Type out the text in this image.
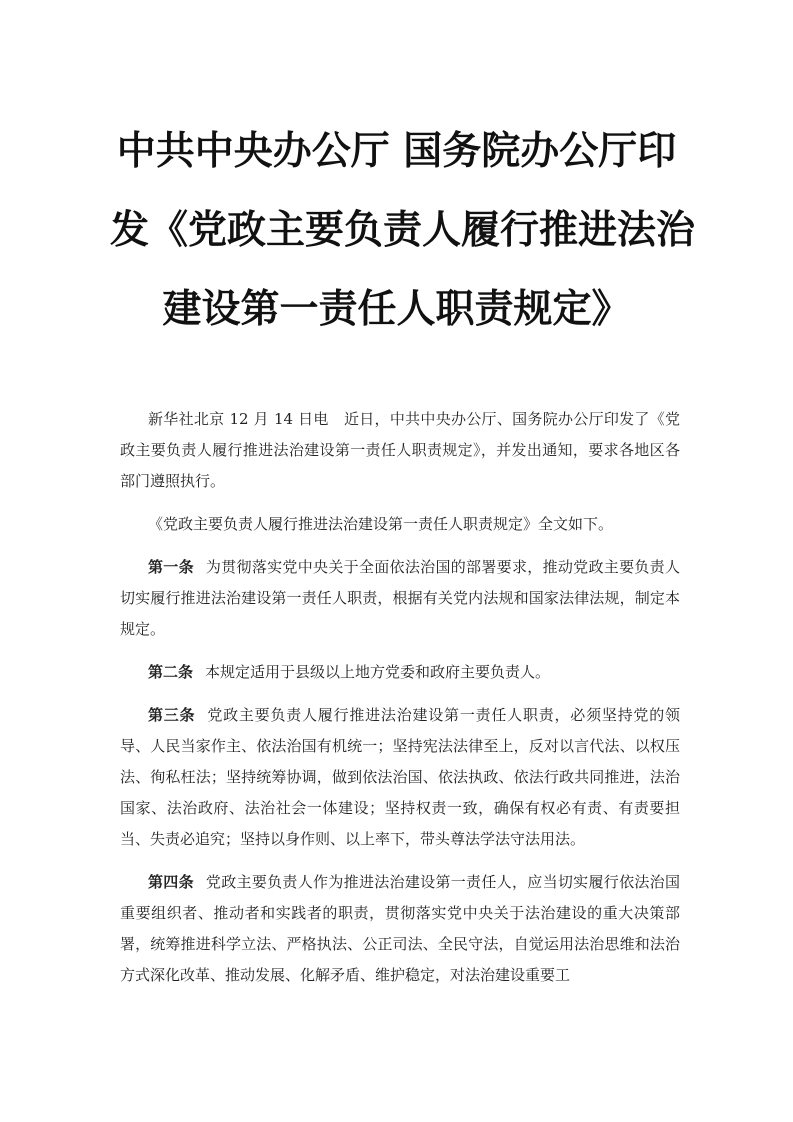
中共中央办公厅 国务院办公厅印
发《党政主要负责人履行推进法治
建设第一责任人职责规定》

新华社北京 12 月 14 日电　近日，中共中央办公厅、国务院办公厅印发了《党政主要负责人履行推进法治建设第一责任人职责规定》，并发出通知，要求各地区各部门遵照执行。

《党政主要负责人履行推进法治建设第一责任人职责规定》全文如下。

第一条 为贯彻落实党中央关于全面依法治国的部署要求，推动党政主要负责人切实履行推进法治建设第一责任人职责，根据有关党内法规和国家法律法规，制定本规定。

第二条 本规定适用于县级以上地方党委和政府主要负责人。

第三条 党政主要负责人履行推进法治建设第一责任人职责，必须坚持党的领导、人民当家作主、依法治国有机统一；坚持宪法法律至上，反对以言代法、以权压法、徇私枉法；坚持统筹协调，做到依法治国、依法执政、依法行政共同推进，法治国家、法治政府、法治社会一体建设；坚持权责一致，确保有权必有责、有责要担当、失责必追究；坚持以身作则、以上率下，带头尊法学法守法用法。

第四条 党政主要负责人作为推进法治建设第一责任人，应当切实履行依法治国重要组织者、推动者和实践者的职责，贯彻落实党中央关于法治建设的重大决策部署，统筹推进科学立法、严格执法、公正司法、全民守法，自觉运用法治思维和法治方式深化改革、推动发展、化解矛盾、维护稳定，对法治建设重要工
